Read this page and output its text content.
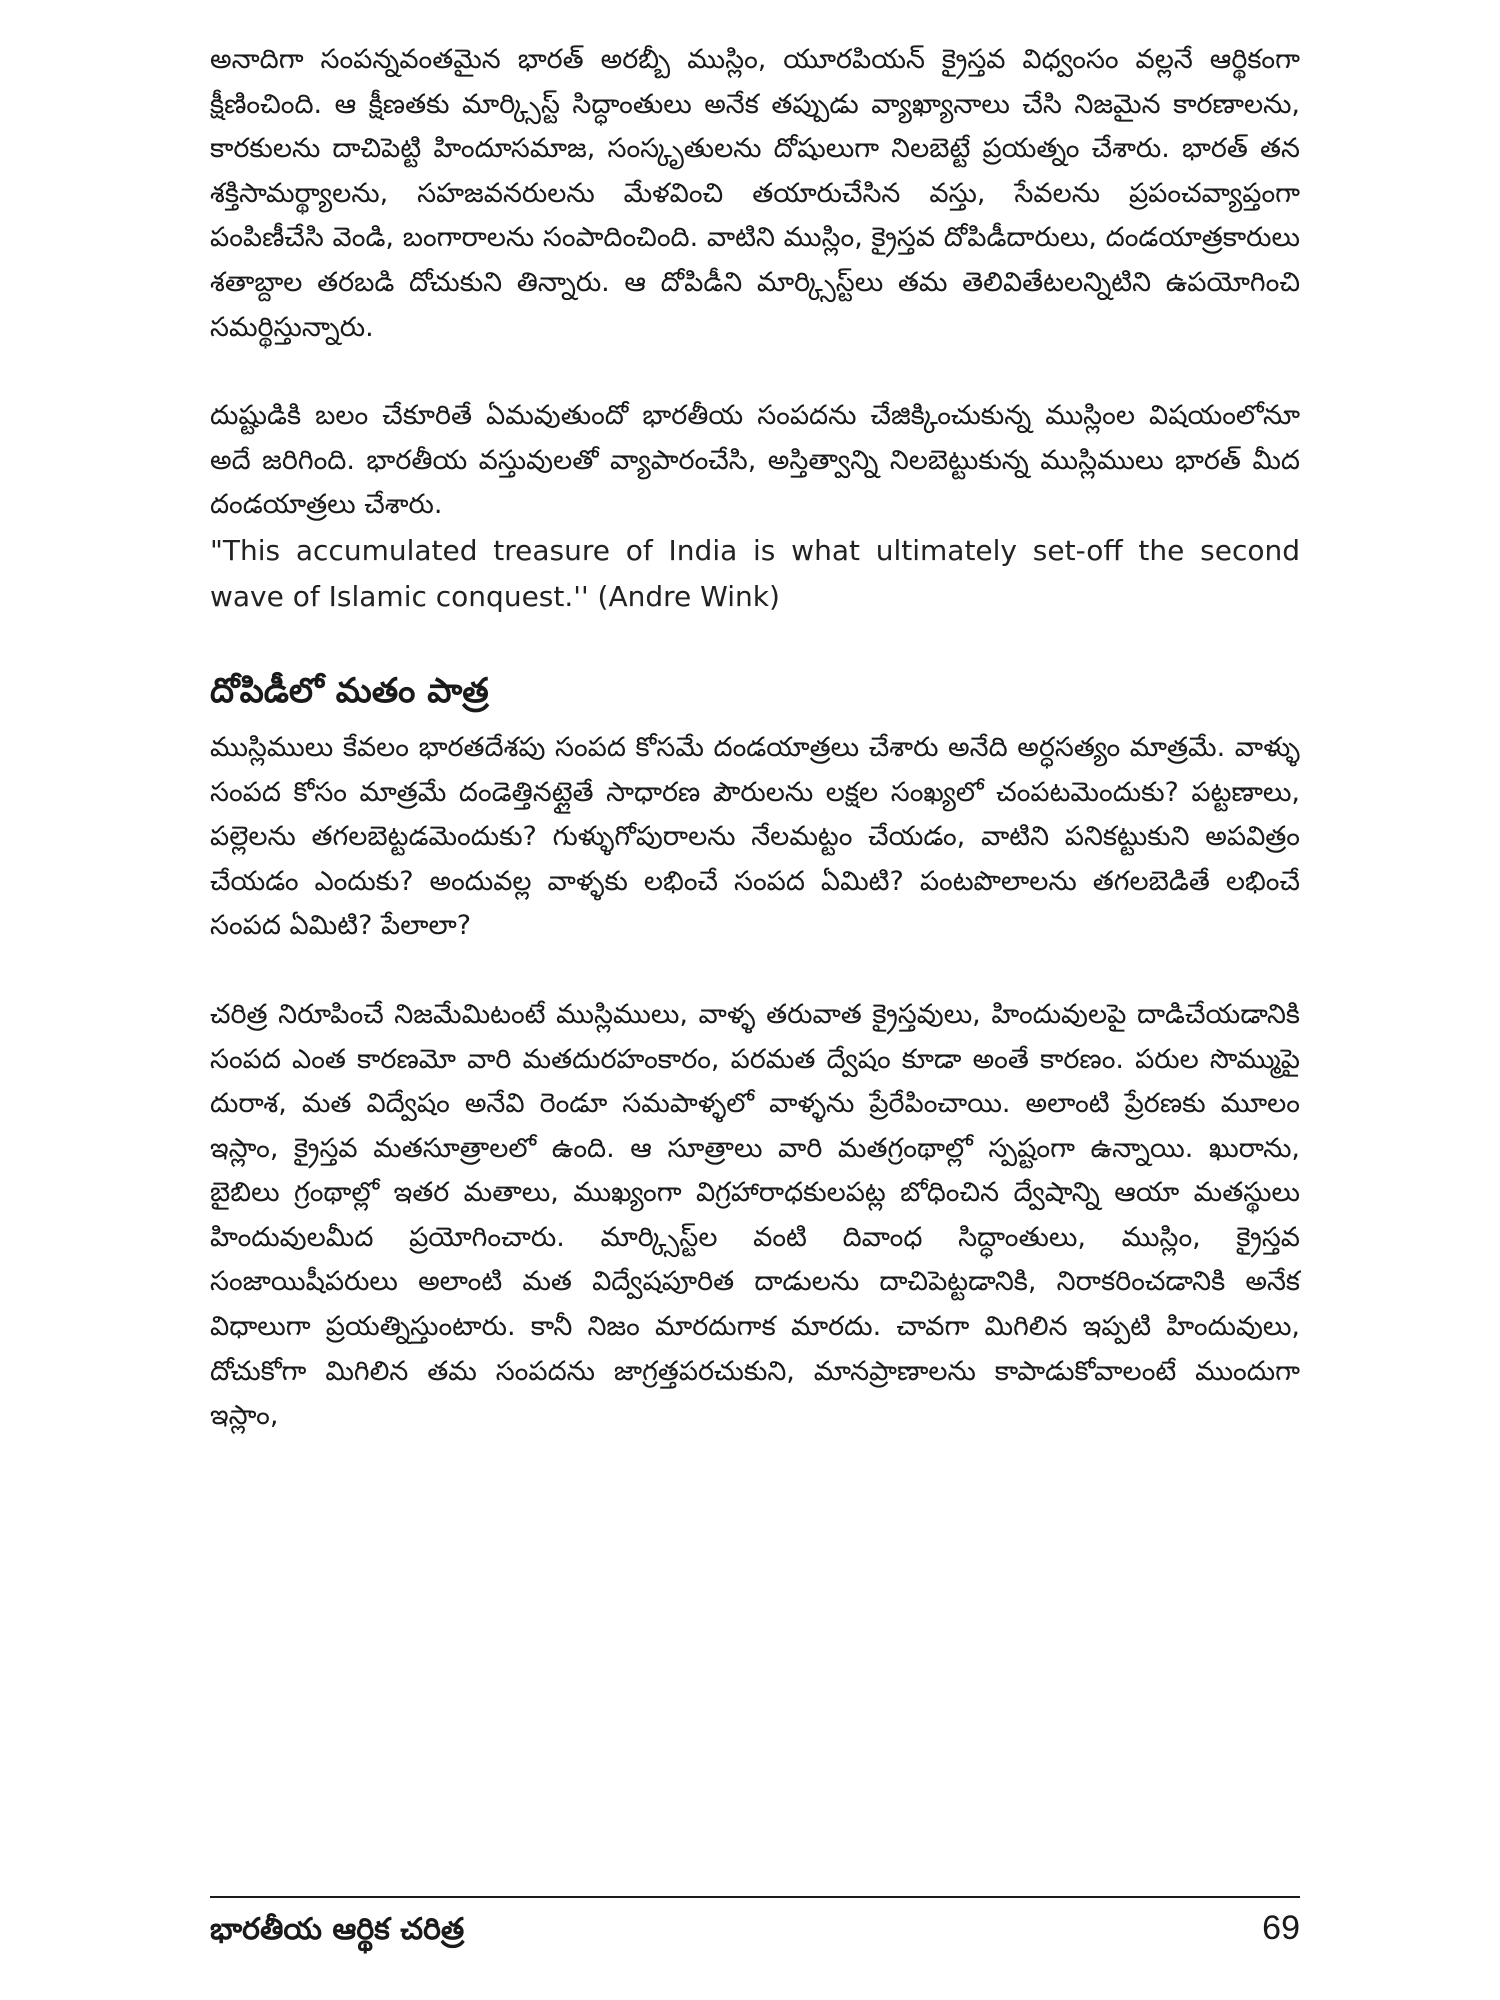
అనాదిగా సంపన్నవంతమైన భారత్ అరబ్బీ ముస్లిం, యూరపియన్ క్రైస్తవ విధ్వంసం వల్లనే ఆర్థికంగా క్షీణించింది. ఆ క్షీణతకు మార్క్సిస్ట్ సిద్ధాంతులు అనేక తప్పుడు వ్యాఖ్యానాలు చేసి నిజమైన కారణాలను, కారకులను దాచిపెట్టి హిందూసమాజ, సంస్కృతులను దోషులుగా నిలబెట్టే ప్రయత్నం చేశారు. భారత్ తన శక్తిసామర్థ్యాలను, సహజవనరులను మేళవించి తయారుచేసిన వస్తు, సేవలను ప్రపంచవ్యాప్తంగా పంపిణీచేసి వెండి, బంగారాలను సంపాదించింది. వాటిని ముస్లిం, క్రైస్తవ దోపిడీదారులు, దండయాత్రకారులు శతాబ్దాల తరబడి దోచుకుని తిన్నారు. ఆ దోపిడీని మార్క్సిస్ట్‌లు తమ తెలివితేటలన్నిటిని ఉపయోగించి సమర్థిస్తున్నారు.

దుష్టుడికి బలం చేకూరితే ఏమవుతుందో భారతీయ సంపదను చేజిక్కించుకున్న ముస్లింల విషయంలోనూ అదే జరిగింది. భారతీయ వస్తువులతో వ్యాపారంచేసి, అస్తిత్వాన్ని నిలబెట్టుకున్న ముస్లిములు భారత్ మీద దండయాత్రలు చేశారు.

"This accumulated treasure of India is what ultimately set-off the second wave of Islamic conquest.'' (Andre Wink)

దోపిడీలో మతం పాత్ర

ముస్లిములు కేవలం భారతదేశపు సంపద కోసమే దండయాత్రలు చేశారు అనేది అర్ధసత్యం మాత్రమే. వాళ్ళు సంపద కోసం మాత్రమే దండెత్తినట్లైతే సాధారణ పౌరులను లక్షల సంఖ్యలో చంపటమెందుకు? పట్టణాలు, పల్లెలను తగలబెట్టడమెందుకు? గుళ్ళుగోపురాలను నేలమట్టం చేయడం, వాటిని పనికట్టుకుని అపవిత్రం చేయడం ఎందుకు? అందువల్ల వాళ్ళకు లభించే సంపద ఏమిటి? పంటపొలాలను తగలబెడితే లభించే సంపద ఏమిటి? పేలాలా?

చరిత్ర నిరూపించే నిజమేమిటంటే ముస్లిములు, వాళ్ళ తరువాత క్రైస్తవులు, హిందువులపై దాడిచేయడానికి సంపద ఎంత కారణమో వారి మతదురహంకారం, పరమత ద్వేషం కూడా అంతే కారణం. పరుల సొమ్ముపై దురాశ, మత విద్వేషం అనేవి రెండూ సమపాళ్ళలో వాళ్ళను ప్రేరేపించాయి. అలాంటి ప్రేరణకు మూలం ఇస్లాం, క్రైస్తవ మతసూత్రాలలో ఉంది. ఆ సూత్రాలు వారి మతగ్రంథాల్లో స్పష్టంగా ఉన్నాయి. ఖురాను, బైబిలు గ్రంథాల్లో ఇతర మతాలు, ముఖ్యంగా విగ్రహారాధకులపట్ల బోధించిన ద్వేషాన్ని ఆయా మతస్థులు హిందువులమీద ప్రయోగించారు. మార్క్సిస్ట్‌ల వంటి దివాంధ సిద్ధాంతులు, ముస్లిం, క్రైస్తవ సంజాయిషీపరులు అలాంటి మత విద్వేషపూరిత దాడులను దాచిపెట్టడానికి, నిరాకరించడానికి అనేక విధాలుగా ప్రయత్నిస్తుంటారు. కానీ నిజం మారదుగాక మారదు. చావగా మిగిలిన ఇప్పటి హిందువులు, దోచుకోగా మిగిలిన తమ సంపదను జాగ్రత్తపరచుకుని, మానప్రాణాలను కాపాడుకోవాలంటే ముందుగా ఇస్లాం,

భారతీయ ఆర్థిక చరిత్ర	69
